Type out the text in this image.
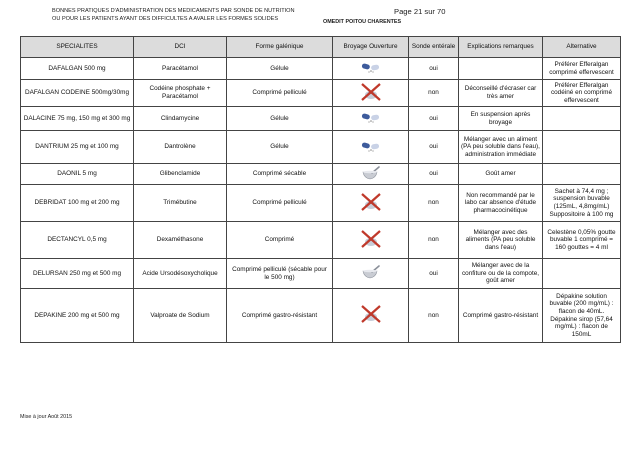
BONNES PRATIQUES D'ADMINISTRATION DES MEDICAMENTS PAR SONDE DE NUTRITION
OU POUR LES PATIENTS AYANT DES DIFFICULTES A AVALER LES FORMES SOLIDES
Page 21 sur 70
OMEDIT POITOU CHARENTES
SPECIALITES	DCI	Forme galénique	Broyage Ouverture	Sonde entérale	Explications remarques	Alternative
DAFALGAN 500 mg	Paracétamol	Gélule		oui		Préférer Efferalgan comprimé effervescent
DAFALGAN CODEINE 500mg/30mg	Codéine phosphate + Paracétamol	Comprimé pelliculé		non	Déconseillé d'écraser car très amer	Préférer Efferalgan codéiné en comprimé effervescent
DALACINE 75 mg, 150 mg et 300 mg	Clindamycine	Gélule		oui	En suspension après broyage	
DANTRIUM 25 mg et 100 mg	Dantrolène	Gélule		oui	Mélanger avec un aliment (PA peu soluble dans l'eau), administration immédiate	
DAONIL 5 mg	Glibenclamide	Comprimé sécable		oui	Goût amer	
DEBRIDAT 100 mg et 200 mg	Trimébutine	Comprimé pelliculé		non	Non recommandé par le labo car absence d'étude pharmacocinétique	Sachet à 74,4 mg ; suspension buvable (125mL, 4,8mg/mL) Suppositoire à 100 mg
DECTANCYL 0,5 mg	Dexaméthasone	Comprimé		non	Mélanger avec des aliments (PA peu soluble dans l'eau)	Celestène 0,05% goutte buvable 1 comprimé = 160 gouttes = 4 ml
DELURSAN 250 mg et 500 mg	Acide Ursodésoxycholique	Comprimé pelliculé (sécable pour le 500 mg)		oui	Mélanger avec de la confiture ou de la compote, goût amer	
DEPAKINE 200 mg et 500 mg	Valproate de Sodium	Comprimé gastro-résistant		non	Comprimé gastro-résistant	Dépakine solution buvable (200 mg/mL) : flacon de 40mL. Dépakine sirop (57,64 mg/mL) : flacon de 150mL
Mise à jour Août 2015
